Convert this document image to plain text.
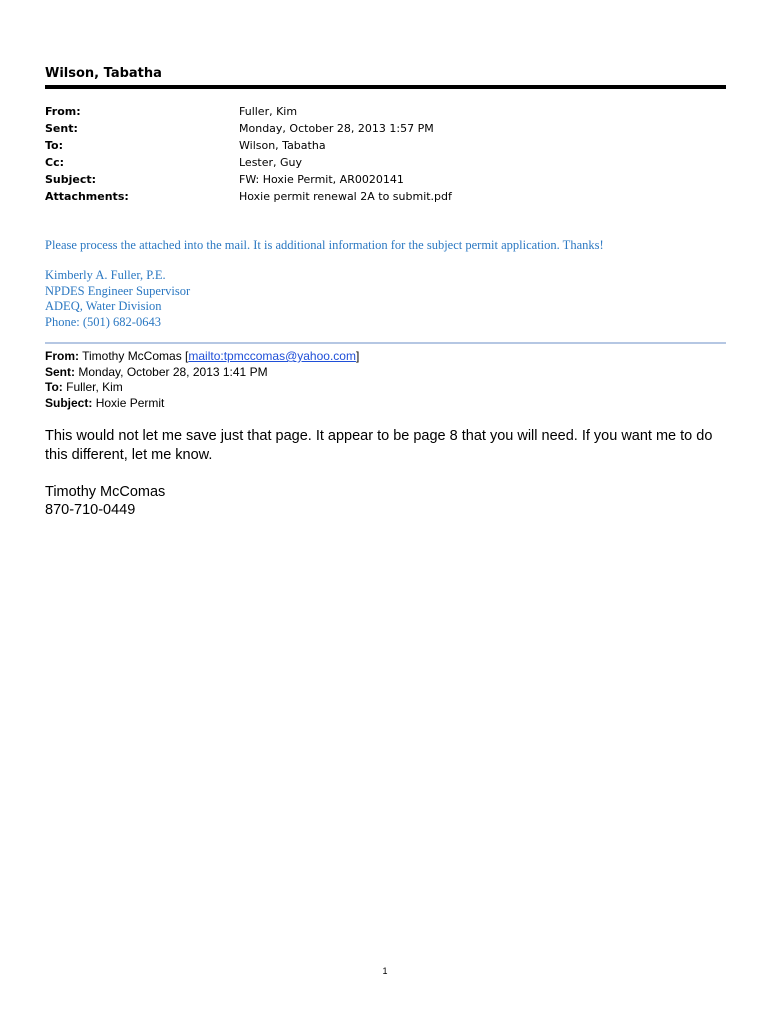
Wilson, Tabatha
From:	Fuller, Kim
Sent:	Monday, October 28, 2013 1:57 PM
To:	Wilson, Tabatha
Cc:	Lester, Guy
Subject:	FW: Hoxie Permit, AR0020141
Attachments:	Hoxie permit renewal 2A to submit.pdf
Please process the attached into the mail. It is additional information for the subject permit application. Thanks!
Kimberly A. Fuller, P.E.
NPDES Engineer Supervisor
ADEQ, Water Division
Phone: (501) 682-0643
From: Timothy McComas [mailto:tpmccomas@yahoo.com]
Sent: Monday, October 28, 2013 1:41 PM
To: Fuller, Kim
Subject: Hoxie Permit
This would not let me save just that page. It appear to be page 8 that you will need. If you want me to do this different, let me know.
Timothy McComas
870-710-0449
1
